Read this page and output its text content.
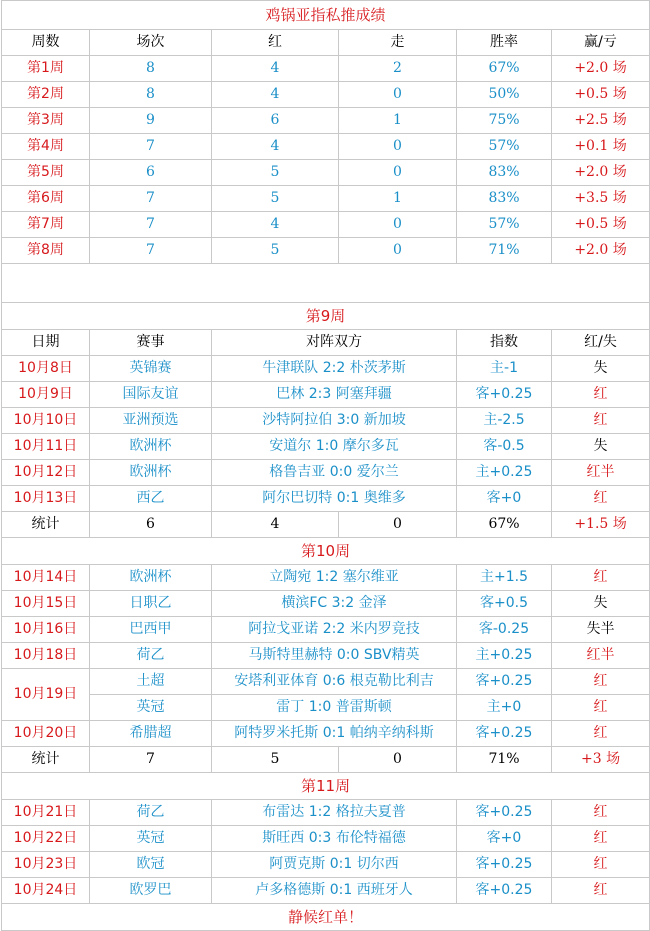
鸡锅亚指私推成绩					
周数	场次	红	走	胜率	赢/亏
第1周	8	4	2	67%	+2.0 场
第2周	8	4	0	50%	+0.5 场
第3周	9	6	1	75%	+2.5 场
第4周	7	4	0	57%	+0.1 场
第5周	6	5	0	83%	+2.0 场
第6周	7	5	1	83%	+3.5 场
第7周	7	4	0	57%	+0.5 场
第8周	7	5	0	71%	+2.0 场

第9周					
日期	赛事	对阵双方		指数	红/失
10月8日	英锦赛	牛津联队 2:2 朴茨茅斯		主-1	失
10月9日	国际友谊	巴林 2:3 阿塞拜疆		客+0.25	红
10月10日	亚洲预选	沙特阿拉伯 3:0 新加坡		主-2.5	红
10月11日	欧洲杯	安道尔 1:0 摩尔多瓦		客-0.5	失
10月12日	欧洲杯	格鲁吉亚 0:0 爱尔兰		主+0.25	红半
10月13日	西乙	阿尔巴切特 0:1 奥维多		客+0	红
统计	6	4	0	67%	+1.5 场
第10周					
10月14日	欧洲杯	立陶宛 1:2 塞尔维亚		主+1.5	红
10月15日	日职乙	横滨FC 3:2 金泽		客+0.5	失
10月16日	巴西甲	阿拉戈亚诺 2:2 米内罗竞技		客-0.25	失半
10月18日	荷乙	马斯特里赫特 0:0 SBV精英		主+0.25	红半
10月19日	土超	安塔利亚体育 0:6 根克勒比利吉		客+0.25	红
	英冠	雷丁 1:0 普雷斯顿		主+0	红
10月20日	希腊超	阿特罗米托斯 0:1 帕纳辛纳科斯		客+0.25	红
统计	7	5	0	71%	+3 场
第11周					
10月21日	荷乙	布雷达 1:2 格拉夫夏普		客+0.25	红
10月22日	英冠	斯旺西 0:3 布伦特福德		客+0	红
10月23日	欧冠	阿贾克斯 0:1 切尔西		客+0.25	红
10月24日	欧罗巴	卢多格德斯 0:1 西班牙人		客+0.25	红
静候红单！					
